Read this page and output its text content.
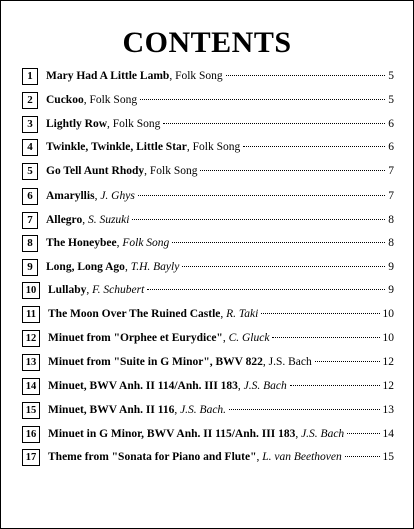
CONTENTS
1	Mary Had A Little Lamb , Folk Song	5
2	Cuckoo , Folk Song	5
3	Lightly Row , Folk Song	6
4	Twinkle, Twinkle, Little Star , Folk Song	6
5	Go Tell Aunt Rhody , Folk Song	7
6	Amaryllis , J. Ghys	7
7	Allegro , S. Suzuki	8
8	The Honeybee , Folk Song	8
9	Long, Long Ago , T.H. Bayly	9
10	Lullaby , F. Schubert	9
11	The Moon Over The Ruined Castle , R. Taki	10
12	Minuet from "Orphee et Eurydice" , C. Gluck	10
13	Minuet from "Suite in G Minor", BWV 822 , J.S. Bach	12
14	Minuet, BWV Anh. II 114/Anh. III 183 , J.S. Bach	12
15	Minuet, BWV Anh. II 116 , J.S. Bach.	13
16	Minuet in G Minor, BWV Anh. II 115/Anh. III 183 , J.S. Bach	14
17	Theme from "Sonata for Piano and Flute" , L. van Beethoven	15
